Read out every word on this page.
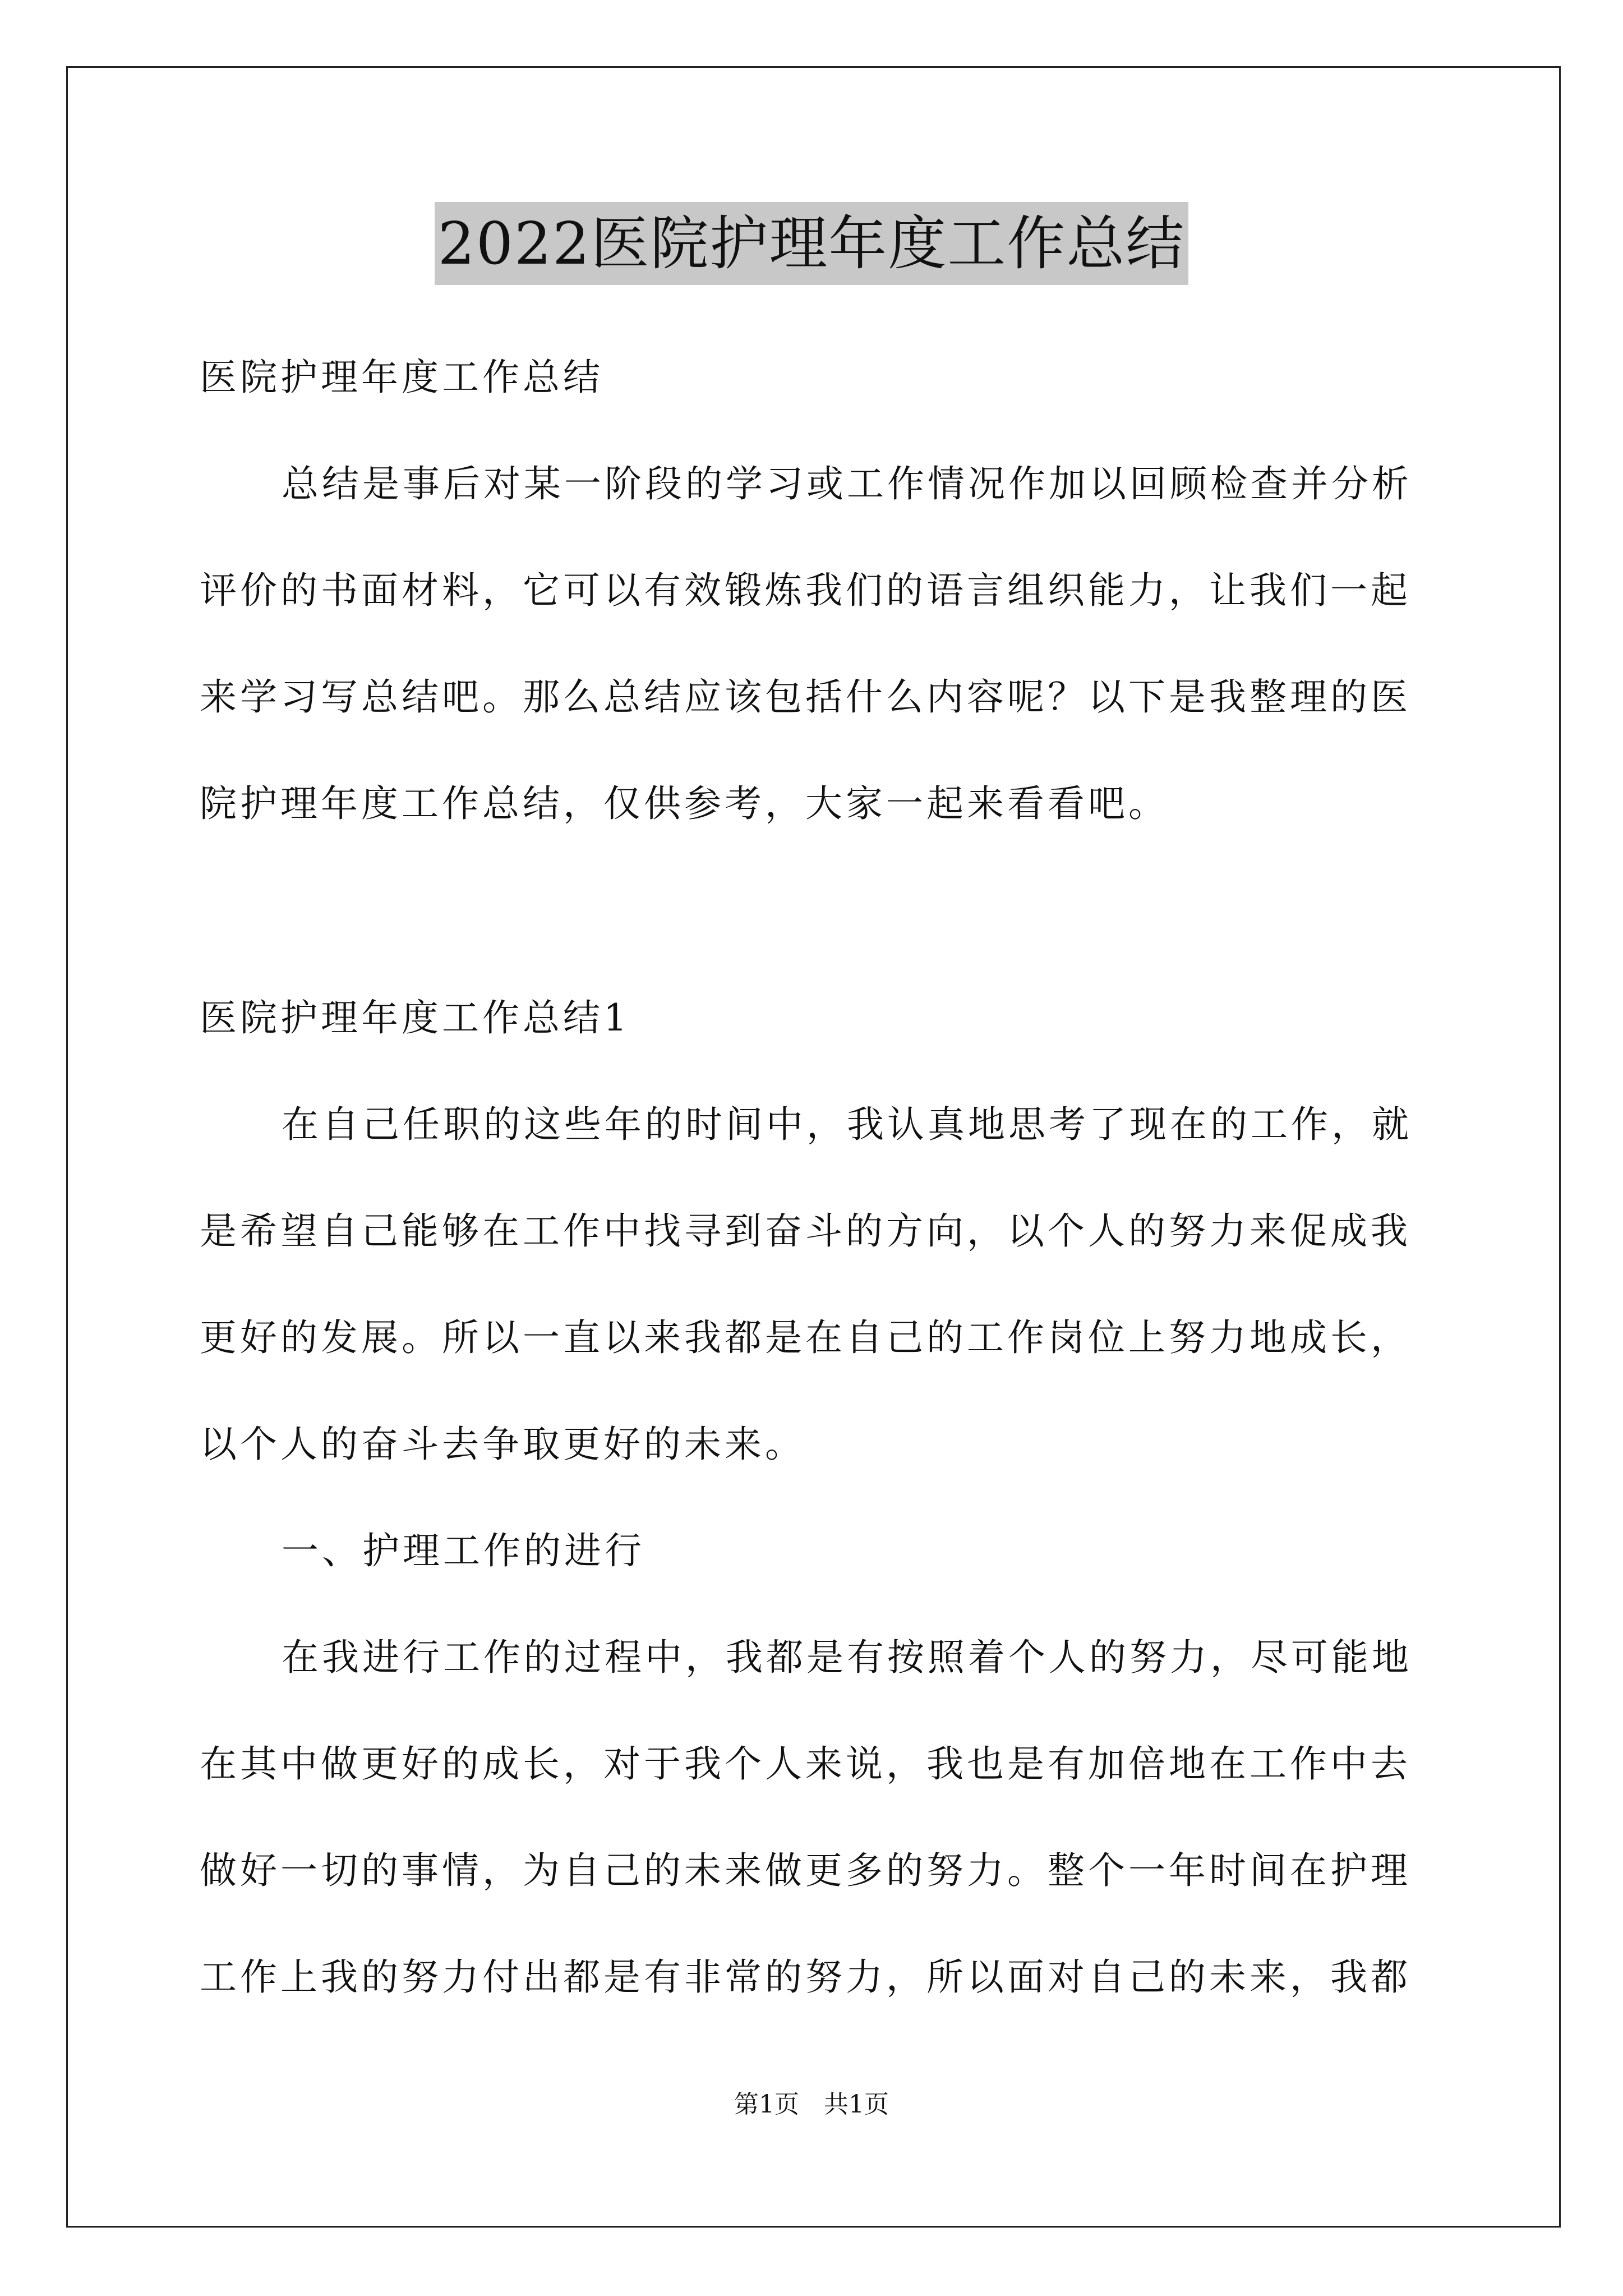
2022医院护理年度工作总结
医院护理年度工作总结
总结是事后对某一阶段的学习或工作情况作加以回顾检查并分析
评价的书面材料，它可以有效锻炼我们的语言组织能力，让我们一起
来学习写总结吧。那么总结应该包括什么内容呢？以下是我整理的医
院护理年度工作总结，仅供参考，大家一起来看看吧。
医院护理年度工作总结1
在自己任职的这些年的时间中，我认真地思考了现在的工作，就
是希望自己能够在工作中找寻到奋斗的方向，以个人的努力来促成我
更好的发展。所以一直以来我都是在自己的工作岗位上努力地成长，
以个人的奋斗去争取更好的未来。
一、护理工作的进行
在我进行工作的过程中，我都是有按照着个人的努力，尽可能地
在其中做更好的成长，对于我个人来说，我也是有加倍地在工作中去
做好一切的事情，为自己的未来做更多的努力。整个一年时间在护理
工作上我的努力付出都是有非常的努力，所以面对自己的未来，我都
第1页　共1页
